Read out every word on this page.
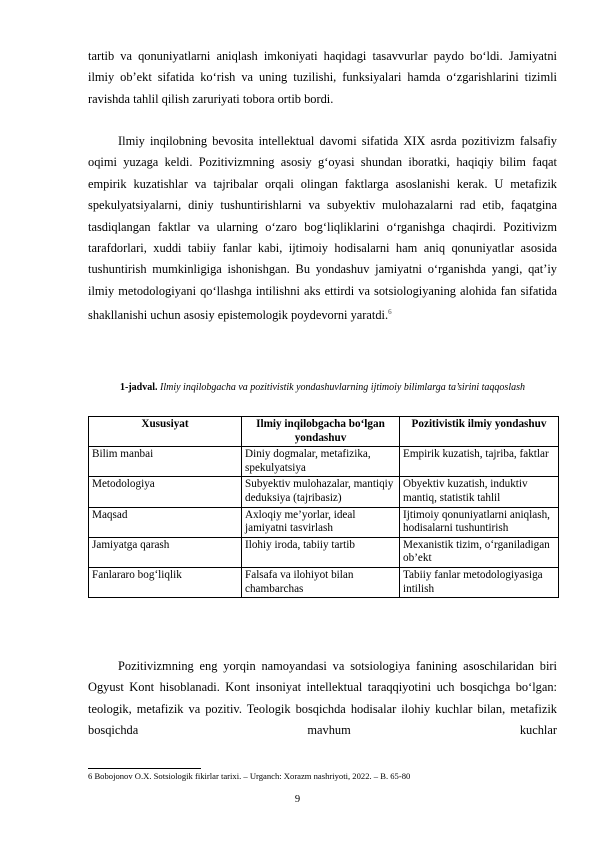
tartib va qonuniyatlarni aniqlash imkoniyati haqidagi tasavvurlar paydo bo‘ldi. Jamiyatni ilmiy ob’ekt sifatida ko‘rish va uning tuzilishi, funksiyalari hamda o‘zgarishlarini tizimli ravishda tahlil qilish zaruriyati tobora ortib bordi.
Ilmiy inqilobning bevosita intellektual davomi sifatida XIX asrda pozitivizm falsafiy oqimi yuzaga keldi. Pozitivizmning asosiy g‘oyasi shundan iboratki, haqiqiy bilim faqat empirik kuzatishlar va tajribalar orqali olingan faktlarga asoslanishi kerak. U metafizik spekulyatsiyalarni, diniy tushuntirishlarni va subyektiv mulohazalarni rad etib, faqatgina tasdiqlangan faktlar va ularning o‘zaro bog‘liqliklarini o‘rganishga chaqirdi. Pozitivizm tarafdorlari, xuddi tabiiy fanlar kabi, ijtimoiy hodisalarni ham aniq qonuniyatlar asosida tushuntirish mumkinligiga ishonishgan. Bu yondashuv jamiyatni o‘rganishda yangi, qat’iy ilmiy metodologiyani qo‘llashga intilishni aks ettirdi va sotsiologiyaning alohida fan sifatida shakllanishi uchun asosiy epistemologik poydevorni yaratdi.$^6$
1-jadval. Ilmiy inqilobgacha va pozitivistik yondashuvlarning ijtimoiy bilimlarga ta’sirini taqqoslash
Xususiyat	Ilmiy inqilobgacha bo‘lgan yondashuv	Pozitivistik ilmiy yondashuv
Bilim manbai	Diniy dogmalar, metafizika, spekulyatsiya	Empirik kuzatish, tajriba, faktlar
Metodologiya	Subyektiv mulohazalar, mantiqiy deduksiya (tajribasiz)	Obyektiv kuzatish, induktiv mantiq, statistik tahlil
Maqsad	Axloqiy me’yorlar, ideal jamiyatni tasvirlash	Ijtimoiy qonuniyatlarni aniqlash, hodisalarni tushuntirish
Jamiyatga qarash	Ilohiy iroda, tabiiy tartib	Mexanistik tizim, o‘rganiladigan ob’ekt
Fanlararo bog‘liqlik	Falsafa va ilohiyot bilan chambarchas	Tabiiy fanlar metodologiyasiga intilish
Pozitivizmning eng yorqin namoyandasi va sotsiologiya fanining asoschilaridan biri Ogyust Kont hisoblanadi. Kont insoniyat intellektual taraqqiyotini uch bosqichga bo‘lgan: teologik, metafizik va pozitiv. Teologik bosqichda hodisalar ilohiy kuchlar bilan, metafizik bosqichda mavhum kuchlar
6 Bobojonov O.X. Sotsiologik fikirlar tarixi. – Urganch: Xorazm nashriyoti, 2022. – B. 65-80
9
